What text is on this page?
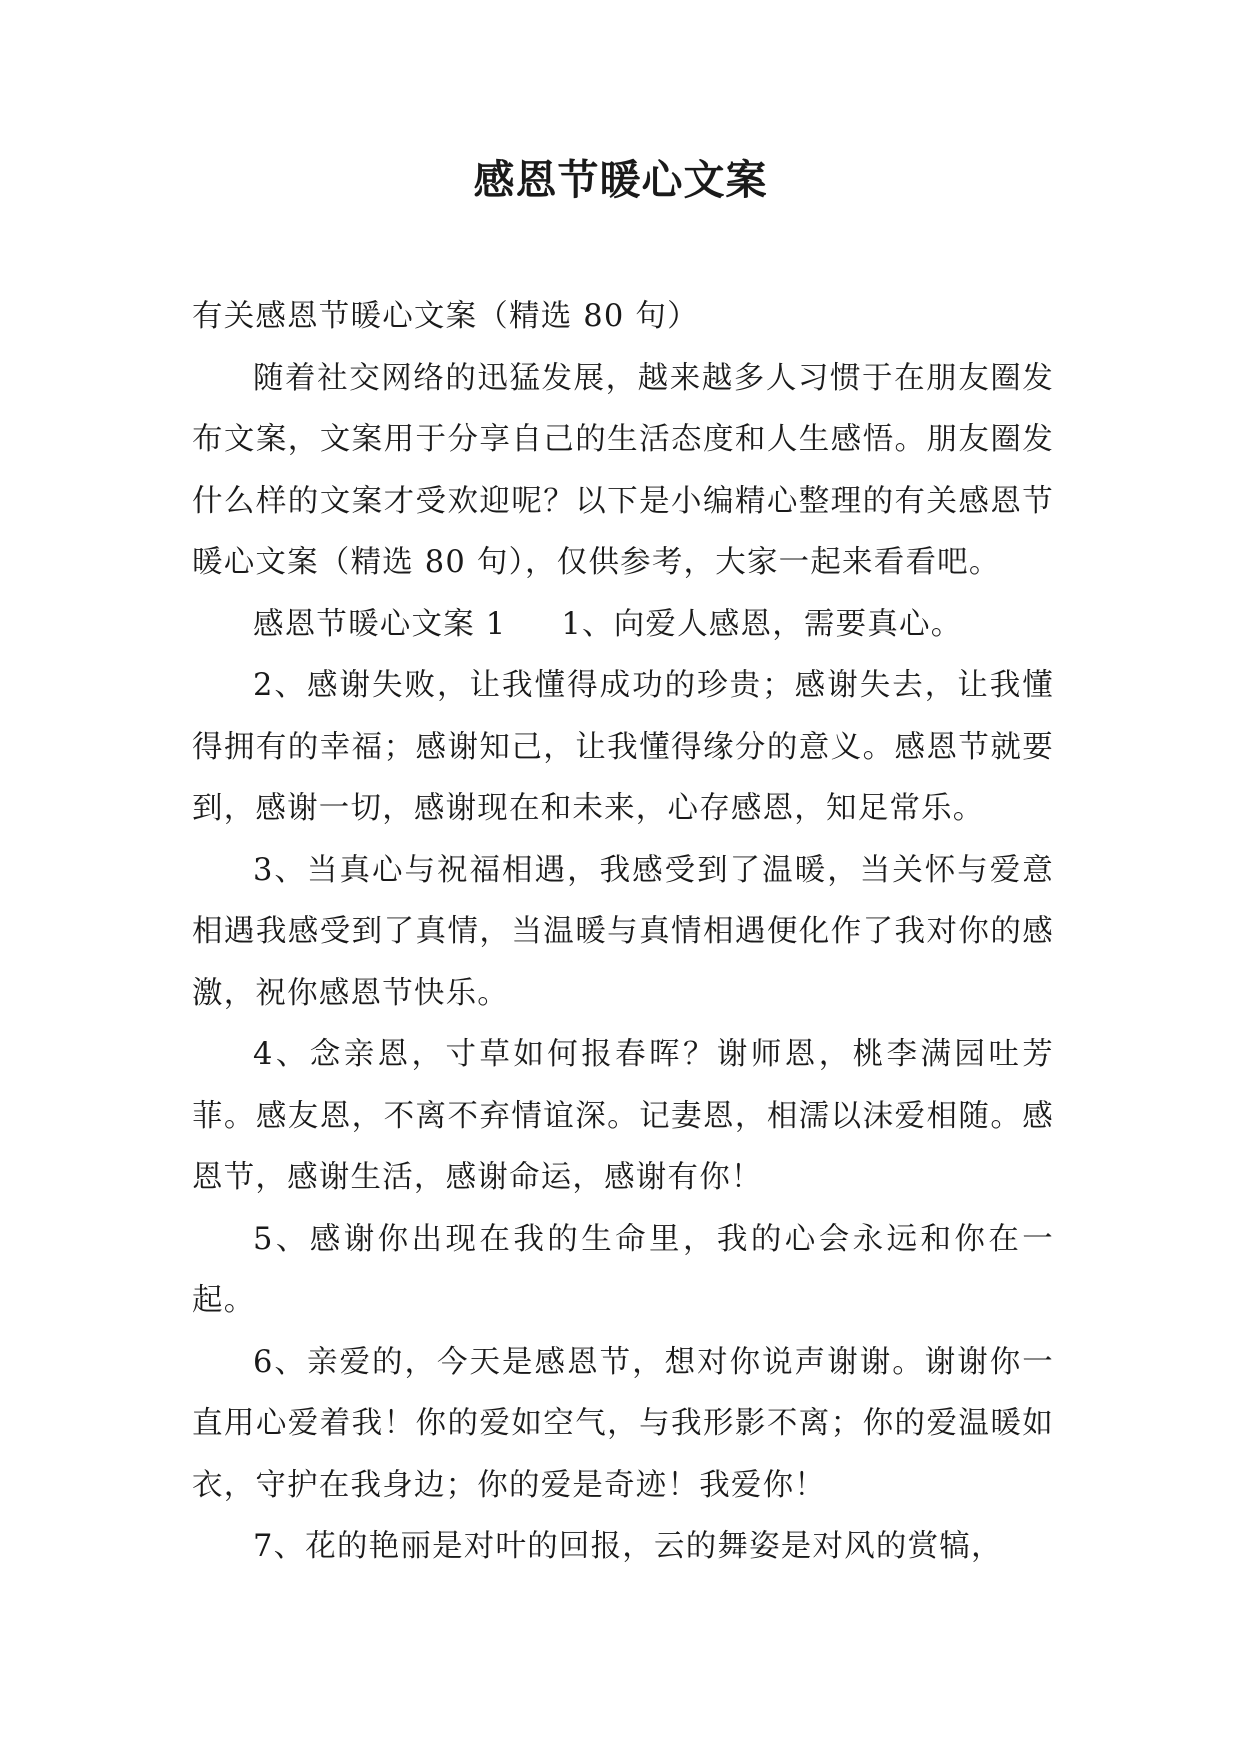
感恩节暖心文案

有关感恩节暖心文案（精选 80 句）

随着社交网络的迅猛发展，越来越多人习惯于在朋友圈发布文案，文案用于分享自己的生活态度和人生感悟。朋友圈发什么样的文案才受欢迎呢？以下是小编精心整理的有关感恩节暖心文案（精选 80 句），仅供参考，大家一起来看看吧。

感恩节暖心文案 1 1、向爱人感恩，需要真心。

2、感谢失败，让我懂得成功的珍贵；感谢失去，让我懂得拥有的幸福；感谢知己，让我懂得缘分的意义。感恩节就要到，感谢一切，感谢现在和未来，心存感恩，知足常乐。

3、当真心与祝福相遇，我感受到了温暖，当关怀与爱意相遇我感受到了真情，当温暖与真情相遇便化作了我对你的感激，祝你感恩节快乐。

4、念亲恩，寸草如何报春晖？谢师恩，桃李满园吐芳菲。感友恩，不离不弃情谊深。记妻恩，相濡以沫爱相随。感恩节，感谢生活，感谢命运，感谢有你！

5、感谢你出现在我的生命里，我的心会永远和你在一起。

6、亲爱的，今天是感恩节，想对你说声谢谢。谢谢你一直用心爱着我！你的爱如空气，与我形影不离；你的爱温暖如衣，守护在我身边；你的爱是奇迹！我爱你！

7、花的艳丽是对叶的回报，云的舞姿是对风的赏犒，
